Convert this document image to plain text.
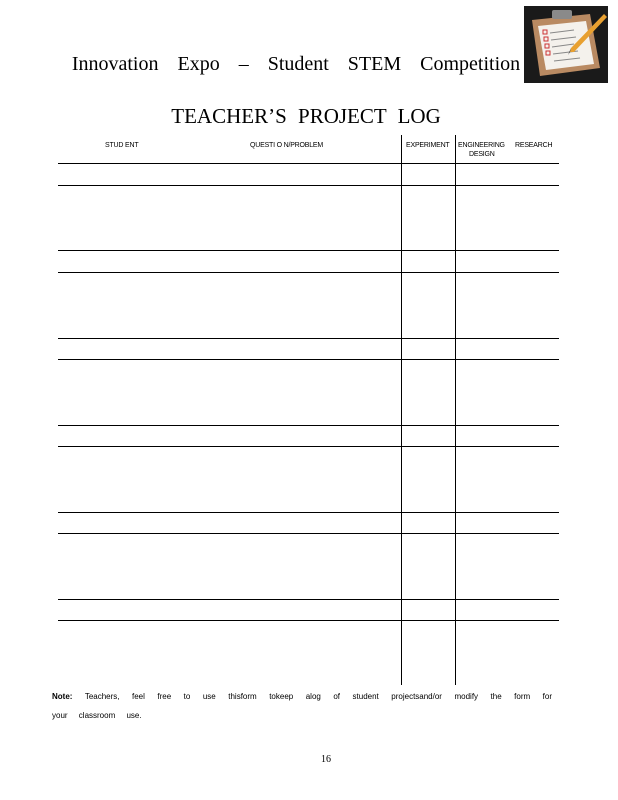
Innovation Expo – Student STEM Competition
TEACHER’S PROJECT LOG
STUD ENT	QUESTI O N/PROBLEM	EXPERIMENT ENGINEERING
DESIGN
RESEARCH
Note: Teachers, feel free to use thisform tokeep alog of student projectsand/or modify the form for your classroom use.
16
